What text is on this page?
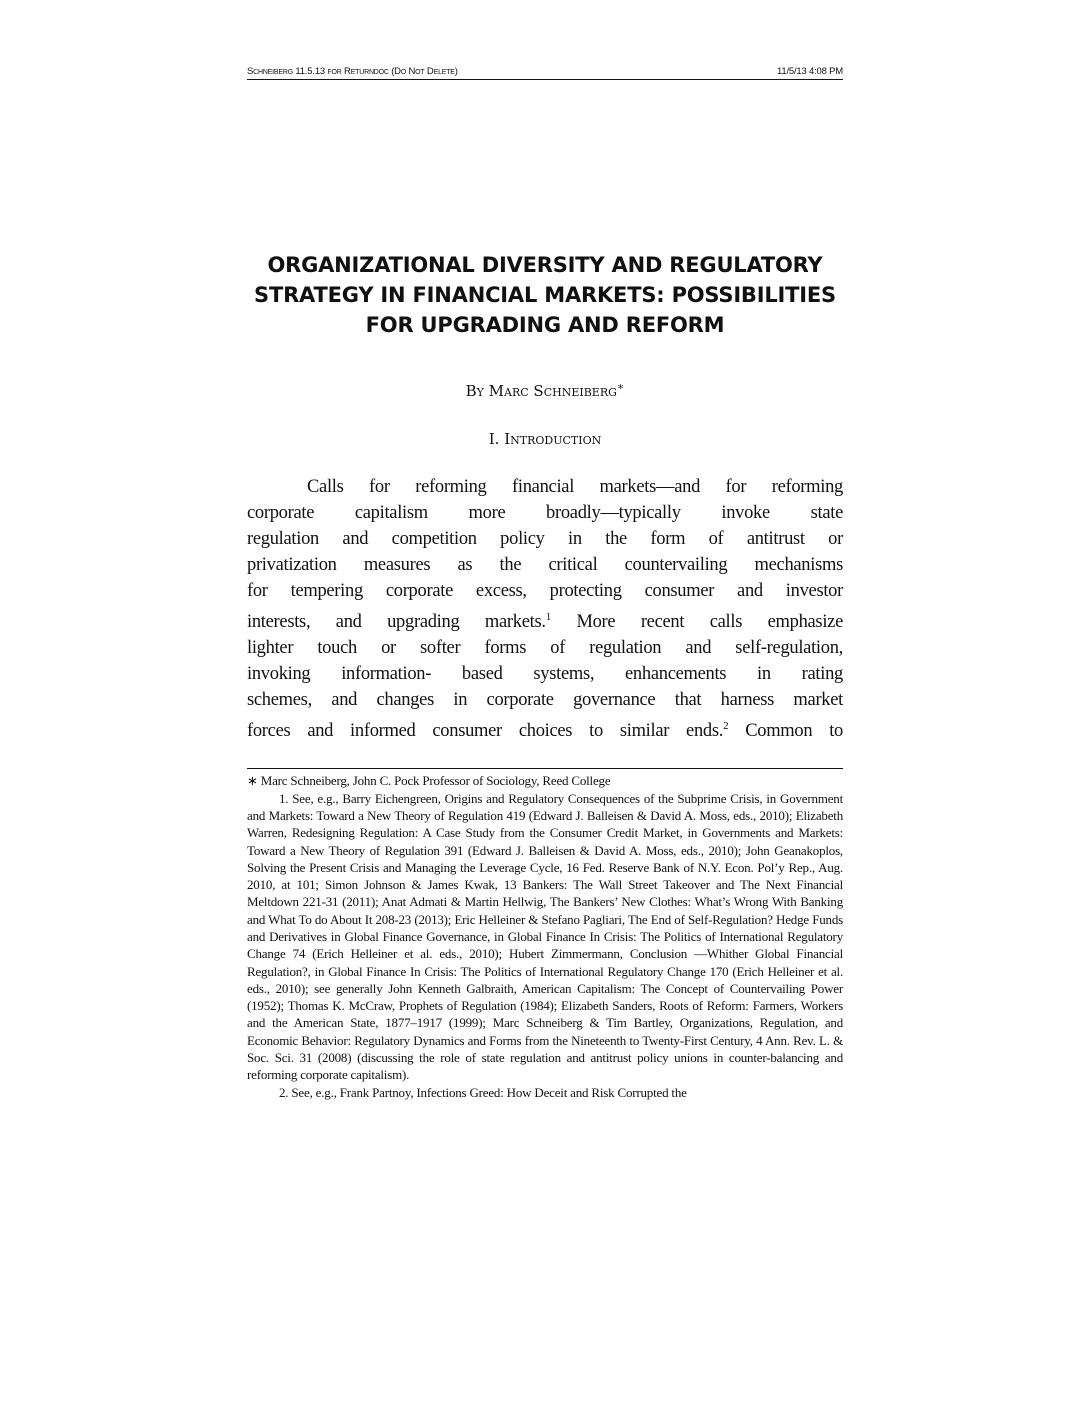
Schneiberg 11.5.13 for Returndoc (Do Not Delete)	11/5/13 4:08 PM
ORGANIZATIONAL DIVERSITY AND REGULATORY
STRATEGY IN FINANCIAL MARKETS: POSSIBILITIES
FOR UPGRADING AND REFORM
By Marc Schneiberg∗
I. Introduction
Calls for reforming financial markets—and for reforming
corporate capitalism more broadly—typically invoke state
regulation and competition policy in the form of antitrust or
privatization measures as the critical countervailing mechanisms
for tempering corporate excess, protecting consumer and investor
interests, and upgrading markets.$^1$ More recent calls emphasize
lighter touch or softer forms of regulation and self-regulation,
invoking information- based systems, enhancements in rating
schemes, and changes in corporate governance that harness market
forces and informed consumer choices to similar ends.$^2$ Common to
∗ Marc Schneiberg, John C. Pock Professor of Sociology, Reed College
1. See, e.g., Barry Eichengreen, Origins and Regulatory Consequences of the Subprime Crisis, in Government and Markets: Toward a New Theory of Regulation 419 (Edward J. Balleisen & David A. Moss, eds., 2010); Elizabeth Warren, Redesigning Regulation: A Case Study from the Consumer Credit Market, in Governments and Markets: Toward a New Theory of Regulation 391 (Edward J. Balleisen & David A. Moss, eds., 2010); John Geanakoplos, Solving the Present Crisis and Managing the Leverage Cycle, 16 Fed. Reserve Bank of N.Y. Econ. Pol’y Rep., Aug. 2010, at 101; Simon Johnson & James Kwak, 13 Bankers: The Wall Street Takeover and The Next Financial Meltdown 221-31 (2011); Anat Admati & Martin Hellwig, The Bankers’ New Clothes: What’s Wrong With Banking and What To do About It 208-23 (2013); Eric Helleiner & Stefano Pagliari, The End of Self-Regulation? Hedge Funds and Derivatives in Global Finance Governance, in Global Finance In Crisis: The Politics of International Regulatory Change 74 (Erich Helleiner et al. eds., 2010); Hubert Zimmermann, Conclusion —Whither Global Financial Regulation?, in Global Finance In Crisis: The Politics of International Regulatory Change 170 (Erich Helleiner et al. eds., 2010); see generally John Kenneth Galbraith, American Capitalism: The Concept of Countervailing Power (1952); Thomas K. McCraw, Prophets of Regulation (1984); Elizabeth Sanders, Roots of Reform: Farmers, Workers and the American State, 1877–1917 (1999); Marc Schneiberg & Tim Bartley, Organizations, Regulation, and Economic Behavior: Regulatory Dynamics and Forms from the Nineteenth to Twenty-First Century, 4 Ann. Rev. L. & Soc. Sci. 31 (2008) (discussing the role of state regulation and antitrust policy unions in counter-balancing and reforming corporate capitalism).
2. See, e.g., Frank Partnoy, Infections Greed: How Deceit and Risk Corrupted the
